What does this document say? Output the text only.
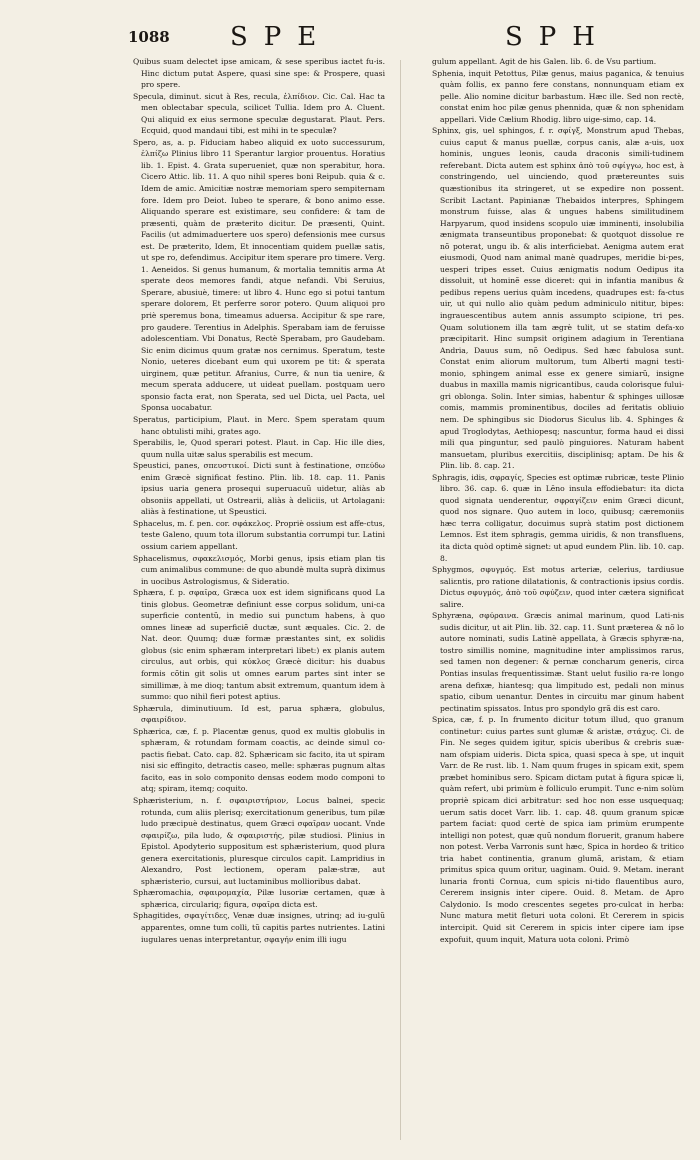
1088 SPE	SPH

Quibus suam delectet ipse amicam, & sese speribus iactet fu-is. Hinc dictum putat Asperе, quasi sine spe: & Prospere, quasi pro spere.

Specula, diminut. sicut à Res, recula, ἐλπίδιον. Cic. Cal. Hac ta men oblectabar specula, scilicet Tullia. Idem pro A. Cluent. Qui aliquid ex eius sermone speculæ degustarat. Plaut. Pers. Ecquid, quod mandaui tibi, est mihi in te speculæ?

Spero, as, a. p. Fiduciam habeo aliquid ex uoto successurum, ἐλπίζω Plinius libro 11 Sperantur largior prouentus. Horatius lib. 1. Epist. 4. Grata superueniet, quæ non sperabitur, hora. Cicero Attic. lib. 11. A quo nihil speres boni Reipub. quia & c. Idem de amic. Amicitiæ nostræ memoriam spero sempiternam fore. Idem pro Deiot. Iubeo te sperare, & bono animo esse. Aliquando sperare est existimare, seu confidere: & tam de præsenti, quàm de præterito dicitur. De præsenti, Quint. Facilis (ut admimaduertere uos spero) defensionis mee cursus est. De præterito, Idem, Et innocentiam quidem puellæ satis, ut spe ro, defendimus. Accipitur item sperare pro timere. Verg. 1. Aeneidos. Si genus humanum, & mortalia temnitis arma At sperate deos memores fandi, atque nefandi. Vbi Seruius, Sperare, abusiuè, timere: ut libro 4. Hunc ego si potui tantum sperare dolorem, Et perferre soror potero. Quum aliquoi pro priè speremus bona, timeamus aduersa. Accipitur & spe rare, pro gaudere. Terentius in Adelphis. Sperabam iam de feruisse adolescentiam. Vbi Donatus, Rectè Sperabam, pro Gaudebam. Sic enim dicimus quum gratæ nos cernimus. Speratum, teste Nonio, ueteres dicebant eum qui uxorem pe tit: & sperata uirginem, quæ petitur. Afranius, Curre, & nun tia uenire, & mecum sperata adducere, ut uideat puellam. postquam uero sponsio facta erat, non Sperata, sed uel Dicta, uel Pacta, uel Sponsa uocabatur.

Speratus, participium, Plaut. in Merc. Spem speratam quum hanc obtulisti mihi, grates ago.

Sperabilis, le, Quod sperari potest. Plaut. in Cap. Hic ille dies, quum nulla uitæ salus sperabilis est mecum.

Speustici, panes, σπευστικοί. Dicti sunt à festinatione, σπεύδω enim Græcè significat festino. Plin. lib. 18. cap. 11. Panis ipsius uaria genera prosequi superuacuũ uidetur, aliàs ab obsoniis appellati, ut Ostrearii, aliàs à deliciis, ut Artolagani: aliàs à festinatione, ut Speustici.

Sphacelus, m. f. pen. cor. σφάκελος. Propriè ossium est affe-ctus, teste Galeno, quum tota illorum substantia corrumpi tur. Latini ossium cariem appellant.

Sphacelismus, σφακελισμός, Morbi genus, ipsis etiam plan tis cum animalibus commune: de quo abundè multa suprà diximus in uocibus Astrologismus, & Sideratio.

Sphæra, f. p. σφαῖρα, Græca uox est idem significans quod La tinis globus. Geometræ definiunt esse corpus solidum, uni-ca superficie contentũ, in medio sui punctum habens, à quo omnes lineæ ad superficiẽ ductæ, sunt æquales. Cic. 2. de Nat. deor. Quumq; duæ formæ præstantes sint, ex solidis globus (sic enim sphæram interpretari libet:) ex planis autem circulus, aut orbis, qui κύκλος Græcè dicitur: his duabus formis cõtin git solis ut omnes earum partes sint inter se simillimæ, à me dioq; tantum absit extremum, quantum idem à summo: quo nihil fieri potest aptius.

Sphærula, diminutiuum. Id est, parua sphæra, globulus, σφαιρίδιον.

Sphærica, cæ, f. p. Placentæ genus, quod ex multis globulis in sphæram, & rotundam formam coactis, ac deinde simul co-pactis fiebat. Cato. cap. 82. Sphæricam sic facito, ita ut spiram nisi sic effingito, detractis caseo, melle: sphæras pugnum altas facito, eas in solo componito densas eodem modo componi to atq; spiram, itemq; coquito.

Sphæristerium, n. f. σφαιριστήριον, Locus balnei, speciε rotunda, cum aliis plerisq; exercitationum generibus, tum pilæ ludo præcipuè destinatus, quem Græci σφαῖραν uocant. Vnde σφαιρίζω, pila ludo, & σφαιριστής, pilæ studiosi. Plinius in Epistol. Apodyterio suppositum est sphæristerium, quod plura genera exercitationis, pluresque circulos capit. Lampridius in Alexandro, Post lectionem, operam palæ-stræ, aut sphæristerio, cursui, aut luctaminibus mollioribus dabat.

Sphæromachia, σφαιρομαχία, Pilæ lusoriæ certamen, quæ à sphærica, circulariq; figura, σφαῖρα dicta est.

Sphagitides, σφαγίτιδες, Venæ duæ insignes, utrinq; ad iu-gulũ apparentes, omne tum colli, tũ capitis partes nutrientes. Latini iugulares uenas interpretantur, σφαγήν enim illi iugu

gulum appellant. Agit de his Galen. lib. 6. de Vsu partium.

Sphenia, inquit Petottus, Pilæ genus, maius paganica, & tenuius quàm follis, ex panno fere constans, nonnunquam etiam ex pelle. Alio nomine dicitur barbastum. Hæc ille. Sed non rectè, constat enim hoc pilæ genus phennida, quæ & non sphenidam appellari. Vide Cælium Rhodig. libro uige-simo, cap. 14.

Sphinx, gis, uel sphingos, f. r. σφίγξ, Monstrum apud Thebas, cuius caput & manus puellæ, corpus canis, alæ a-uis, uox hominis, ungues leonis, cauda draconis simili-tudinem referebant. Dicta autem est sphinx ἀπὸ τοῦ σφίγγω, hoc est, à constringendo, uel uinciendo, quod prætereuntes suis quæstionibus ita stringeret, ut se expedire non possent. Scribit Lactant. Papinianæ Thebaidos interpres, Sphingem monstrum fuisse, alas & ungues habens similitudinem Harpyarum, quod insidens scopulo uiæ imminenti, insolubilia ænigmata transeuntibus proponebat: & quotquot dissolue re nõ poterat, ungu ib. & alis interficiebat. Aenigma autem erat eiusmodi, Quod nam animal manè quadrupes, meridie bi-pes, uesperi tripes esset. Cuius ænigmatis nodum Oedipus ita dissoluit, ut hominẽ esse diceret: qui in infantia manibus & pedibus repens uerius quàm incedens, quadrupes est: fa-ctus uir, ut qui nullo alio quàm pedum adminiculo nititur, bipes: ingrauescentibus autem annis assumpto scipione, tri pes. Quam solutionem illa tam ægrè tulit, ut se statim defa-xo præcipitarit. Hinc sumpsit originem adagium in Terentiana Andria, Dauus sum, nõ Oedipus. Sed hæc fabulosa sunt. Constat enim aliorum multorum, tum Alberti magni testi-monio, sphingem animal esse ex genere simiarũ, insigne duabus in maxilla mamis nigricantibus, cauda colorisque fului-gri oblonga. Solin. Inter simias, habentur & sphinges uillosæ comis, mammis prominentibus, dociles ad feritatis obliuio nem. De sphingibus sic Diodorus Siculus lib. 4. Sphinges & apud Troglodytas, Aethiopesq; nascuntur, forma haud ei dissi mili qua pinguntur, sed paulò pinguiores. Naturam habent mansuetam, pluribus exercitiis, disciplinisq; aptam. De his & Plin. lib. 8. cap. 21.

Sphragis, idis, σφραγίς, Species est optimæ rubricæ, teste Plinio libro. 36. cap. 6. quæ in Lēno insula effodiebatur: ita dicta quod signata uenderentur, σφραγίζειν enim Græci dicunt, quod nos signare. Quo autem in loco, quibusq; cæremoniis hæc terra colligatur, docuimus suprà statim post dictionem Lemnos. Est item sphragis, gemma uiridis, & non transfluens, ita dicta quòd optimè signet: ut apud eundem Plin. lib. 10. cap. 8.

Sphygmos, σφυγμός. Est motus arteriæ, celerius, tardiusue saliεntis, pro ratione dilatationis, & contractionis ipsius cordis. Dictus σφυγμός, ἀπὸ τοῦ σφύζειν, quod inter cætera significat salire.

Sphyræna, σφύραινα. Græcis animal marinum, quod Lati-nis sudis dicitur, ut ait Plin. lib. 32. cap. 11. Sunt præterea & nõ lo autore nominati, sudis Latinè appellata, à Græcis sphyræ-na, tostro simillis nomine, magnitudine inter amplissimos rarus, sed tamen non degener: & pernæ concharum generis, circa Pontias insulas frequentissimæ. Stant uelut fusilio ra-re longo arena defixæ, hiantesq; qua limpitudo est, pedali non minus spatio, cibum uenantur. Dentes in circuitu mar ginum habent pectinatim spissatos. Intus pro spondylo grã dis est caro.

Spica, cæ, f. p. In frumento dicitur totum illud, quo granum continetur: cuius partes sunt glumæ & aristæ, στάχυς. Ci. de Fin. Ne seges quidem igitur, spicis uberibus & crebris suæ-nam ofspiam uideris. Dicta spica, quasi speca à spe, ut inquit Varr. de Re rust. lib. 1. Nam quum fruges in spicam exit, spem præbet hominibus sero. Spicam dictam putat à figura spicæ li, quàm refert, ubi primùm è folliculo erumpit. Tunc e-nim solùm propriè spicam dici arbitratur: sed hoc non esse usquequaq; uerum satis docet Varr. lib. 1. cap. 48. quum granum spicæ partem faciat: quod certè de spica iam primùm erumpente intelligi non potest, quæ quũ nondum floruerit, granum habere non potest. Verba Varronis sunt hæc, Spica in hordeo & tritico tria habet continentia, granum glumã, aristam, & etiam primitus spica quum oritur, uaginam. Ouid. 9. Metam. inerant lunaria fronti Cornua, cum spicis ni-tido flauentibus auro, Cererem insignis inter cipere. Ouid. 8. Metam. de Apro Calydonio. Is modo crescentes segetes pro-culcat in herba: Nunc matura metit fleturi uota coloni. Et Cererem in spicis intercipit. Quid sit Cererem in spicis inter cipere iam ipse expofuit, quum inquit, Matura uota coloni. Primò
